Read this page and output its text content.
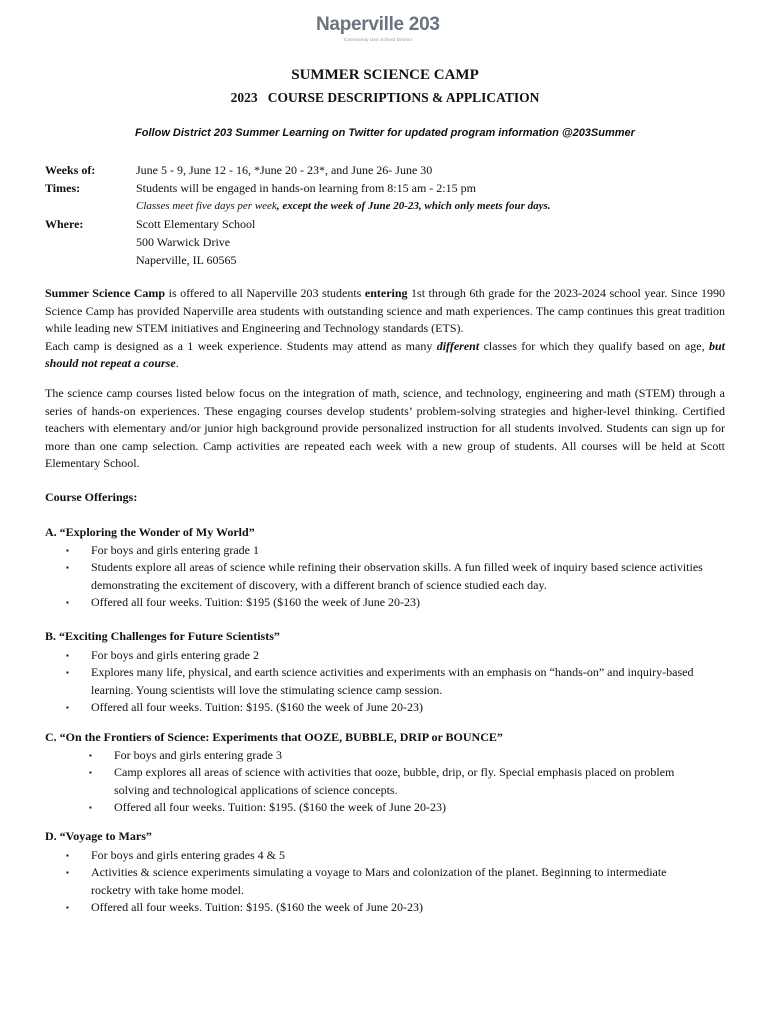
Naperville 203
Community Unit School District
SUMMER SCIENCE CAMP
2023 COURSE DESCRIPTIONS & APPLICATION
Follow District 203 Summer Learning on Twitter for updated program information @203Summer
Weeks of:	June 5 - 9, June 12 - 16, *June 20 - 23*, and June 26- June 30
Times:	Students will be engaged in hands-on learning from 8:15 am - 2:15 pm
Classes meet five days per week, except the week of June 20-23, which only meets four days.
Where:	Scott Elementary School
500 Warwick Drive
Naperville, IL 60565

Summer Science Camp is offered to all Naperville 203 students entering 1st through 6th grade for the 2023-2024 school year. Since 1990 Science Camp has provided Naperville area students with outstanding science and math experiences. The camp continues this great tradition while leading new STEM initiatives and Engineering and Technology standards (ETS).
Each camp is designed as a 1 week experience. Students may attend as many different classes for which they qualify based on age, but should not repeat a course.

The science camp courses listed below focus on the integration of math, science, and technology, engineering and math (STEM) through a series of hands-on experiences. These engaging courses develop students’ problem-solving strategies and higher-level thinking. Certified teachers with elementary and/or junior high background provide personalized instruction for all students involved. Students can sign up for more than one camp selection. Camp activities are repeated each week with a new group of students. All courses will be held at Scott Elementary School.

Course Offerings:
A. “Exploring the Wonder of My World”
▪ For boys and girls entering grade 1
▪ Students explore all areas of science while refining their observation skills. A fun filled week of inquiry based science activities demonstrating the excitement of discovery, with a different branch of science studied each day.
▪ Offered all four weeks. Tuition: $195 ($160 the week of June 20-23)
B. “Exciting Challenges for Future Scientists”
▪ For boys and girls entering grade 2
▪ Explores many life, physical, and earth science activities and experiments with an emphasis on “hands-on” and inquiry-based learning. Young scientists will love the stimulating science camp session.
▪ Offered all four weeks. Tuition: $195. ($160 the week of June 20-23)
C. “On the Frontiers of Science: Experiments that OOZE, BUBBLE, DRIP or BOUNCE”
▪ For boys and girls entering grade 3
▪ Camp explores all areas of science with activities that ooze, bubble, drip, or fly. Special emphasis placed on problem solving and technological applications of science concepts.
▪ Offered all four weeks. Tuition: $195. ($160 the week of June 20-23)
D. “Voyage to Mars”
▪ For boys and girls entering grades 4 & 5
▪ Activities & science experiments simulating a voyage to Mars and colonization of the planet. Beginning to intermediate rocketry with take home model.
▪ Offered all four weeks. Tuition: $195. ($160 the week of June 20-23)
